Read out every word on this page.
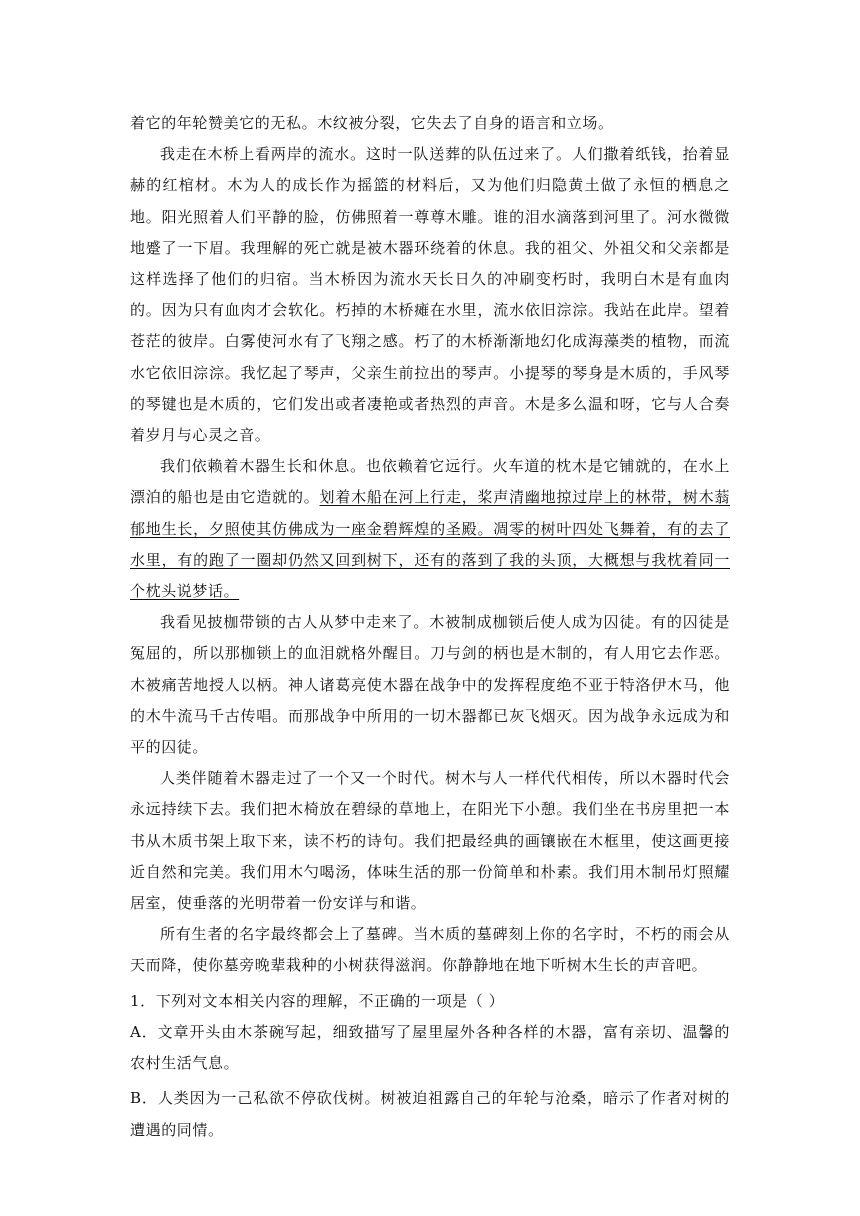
着它的年轮赞美它的无私。木纹被分裂，它失去了自身的语言和立场。

我走在木桥上看两岸的流水。这时一队送葬的队伍过来了。人们撒着纸钱，抬着显赫的红棺材。木为人的成长作为摇篮的材料后，又为他们归隐黄土做了永恒的栖息之地。阳光照着人们平静的脸，仿佛照着一尊尊木雕。谁的泪水滴落到河里了。河水微微地蹙了一下眉。我理解的死亡就是被木器环绕着的休息。我的祖父、外祖父和父亲都是这样选择了他们的归宿。当木桥因为流水天长日久的冲刷变朽时，我明白木是有血肉的。因为只有血肉才会软化。朽掉的木桥瘫在水里，流水依旧淙淙。我站在此岸。望着苍茫的彼岸。白雾使河水有了飞翔之感。朽了的木桥渐渐地幻化成海藻类的植物，而流水它依旧淙淙。我忆起了琴声，父亲生前拉出的琴声。小提琴的琴身是木质的，手风琴的琴键也是木质的，它们发出或者凄艳或者热烈的声音。木是多么温和呀，它与人合奏着岁月与心灵之音。

我们依赖着木器生长和休息。也依赖着它远行。火车道的枕木是它铺就的，在水上漂泊的船也是由它造就的。划着木船在河上行走，桨声清幽地掠过岸上的林带，树木蓊郁地生长，夕照使其仿佛成为一座金碧辉煌的圣殿。凋零的树叶四处飞舞着，有的去了水里，有的跑了一圈却仍然又回到树下，还有的落到了我的头顶，大概想与我枕着同一个枕头说梦话。

我看见披枷带锁的古人从梦中走来了。木被制成枷锁后使人成为囚徒。有的囚徒是冤屈的，所以那枷锁上的血泪就格外醒目。刀与剑的柄也是木制的，有人用它去作恶。木被痛苦地授人以柄。神人诸葛亮使木器在战争中的发挥程度绝不亚于特洛伊木马，他的木牛流马千古传唱。而那战争中所用的一切木器都已灰飞烟灭。因为战争永远成为和平的囚徒。

人类伴随着木器走过了一个又一个时代。树木与人一样代代相传，所以木器时代会永远持续下去。我们把木椅放在碧绿的草地上，在阳光下小憩。我们坐在书房里把一本书从木质书架上取下来，读不朽的诗句。我们把最经典的画镶嵌在木框里，使这画更接近自然和完美。我们用木勺喝汤，体味生活的那一份简单和朴素。我们用木制吊灯照耀居室，使垂落的光明带着一份安详与和谐。

所有生者的名字最终都会上了墓碑。当木质的墓碑刻上你的名字时，不朽的雨会从天而降，使你墓旁晚辈栽种的小树获得滋润。你静静地在地下听树木生长的声音吧。

1．下列对文本相关内容的理解，不正确的一项是（ ）

A．文章开头由木茶碗写起，细致描写了屋里屋外各种各样的木器，富有亲切、温馨的农村生活气息。

B．人类因为一己私欲不停砍伐树。树被迫祖露自己的年轮与沧桑，暗示了作者对树的遭遇的同情。
